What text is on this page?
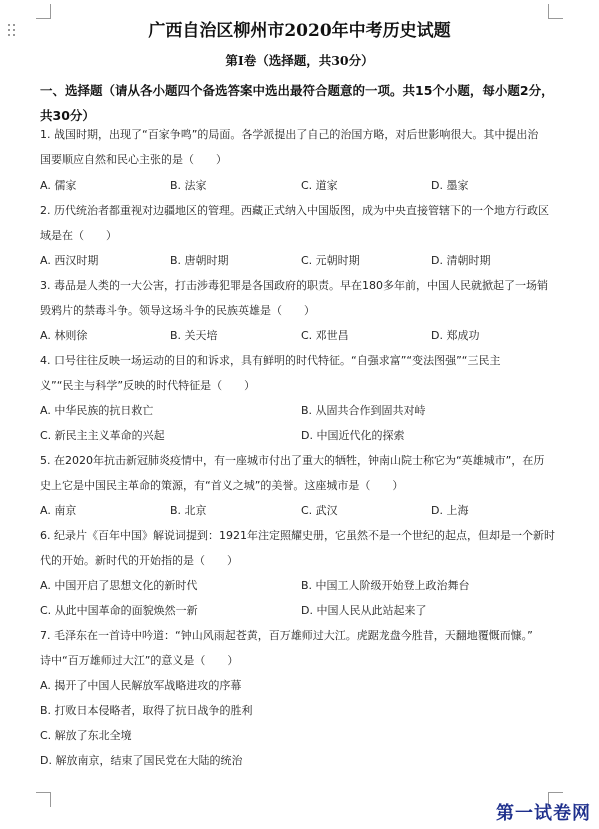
广西自治区柳州市2020年中考历史试题
第Ⅰ卷（选择题，共30分）
一、选择题（请从各小题四个备选答案中选出最符合题意的一项。共15个小题，每小题2分，
共30分）
1. 战国时期，出现了“百家争鸣”的局面。各学派提出了自己的治国方略，对后世影响很大。其中提出治
国要顺应自然和民心主张的是（　　）
A. 儒家	B. 法家	C. 道家	D. 墨家
2. 历代统治者都重视对边疆地区的管理。西藏正式纳入中国版图，成为中央直接管辖下的一个地方行政区
域是在（　　）
A. 西汉时期	B. 唐朝时期	C. 元朝时期	D. 清朝时期
3. 毒品是人类的一大公害，打击涉毒犯罪是各国政府的职责。早在180多年前，中国人民就掀起了一场销
毁鸦片的禁毒斗争。领导这场斗争的民族英雄是（　　）
A. 林则徐	B. 关天培	C. 邓世昌	D. 郑成功
4. 口号往往反映一场运动的目的和诉求，具有鲜明的时代特征。“自强求富”“变法图强”“三民主
义”“民主与科学”反映的时代特征是（　　）
A. 中华民族的抗日救亡	B. 从固共合作到固共对峙
C. 新民主主义革命的兴起	D. 中国近代化的探索
5. 在2020年抗击新冠肺炎疫情中，有一座城市付出了重大的牺牲，钟南山院士称它为“英雄城市”，在历
史上它是中国民主革命的策源，有“首义之城”的美誉。这座城市是（　　）
A. 南京	B. 北京	C. 武汉	D. 上海
6. 纪录片《百年中国》解说词提到：1921年注定照耀史册，它虽然不是一个世纪的起点，但却是一个新时
代的开始。新时代的开始指的是（　　）
A. 中国开启了思想文化的新时代	B. 中国工人阶级开始登上政治舞台
C. 从此中国革命的面貌焕然一新	D. 中国人民从此站起来了
7. 毛泽东在一首诗中吟道：“钟山风雨起苍黄，百万雄师过大江。虎踞龙盘今胜昔，天翻地覆慨而慷。”
诗中“百万雄师过大江”的意义是（　　）
A. 揭开了中国人民解放军战略进攻的序幕
B. 打败日本侵略者，取得了抗日战争的胜利
C. 解放了东北全境
D. 解放南京，结束了国民党在大陆的统治
第一试卷网
